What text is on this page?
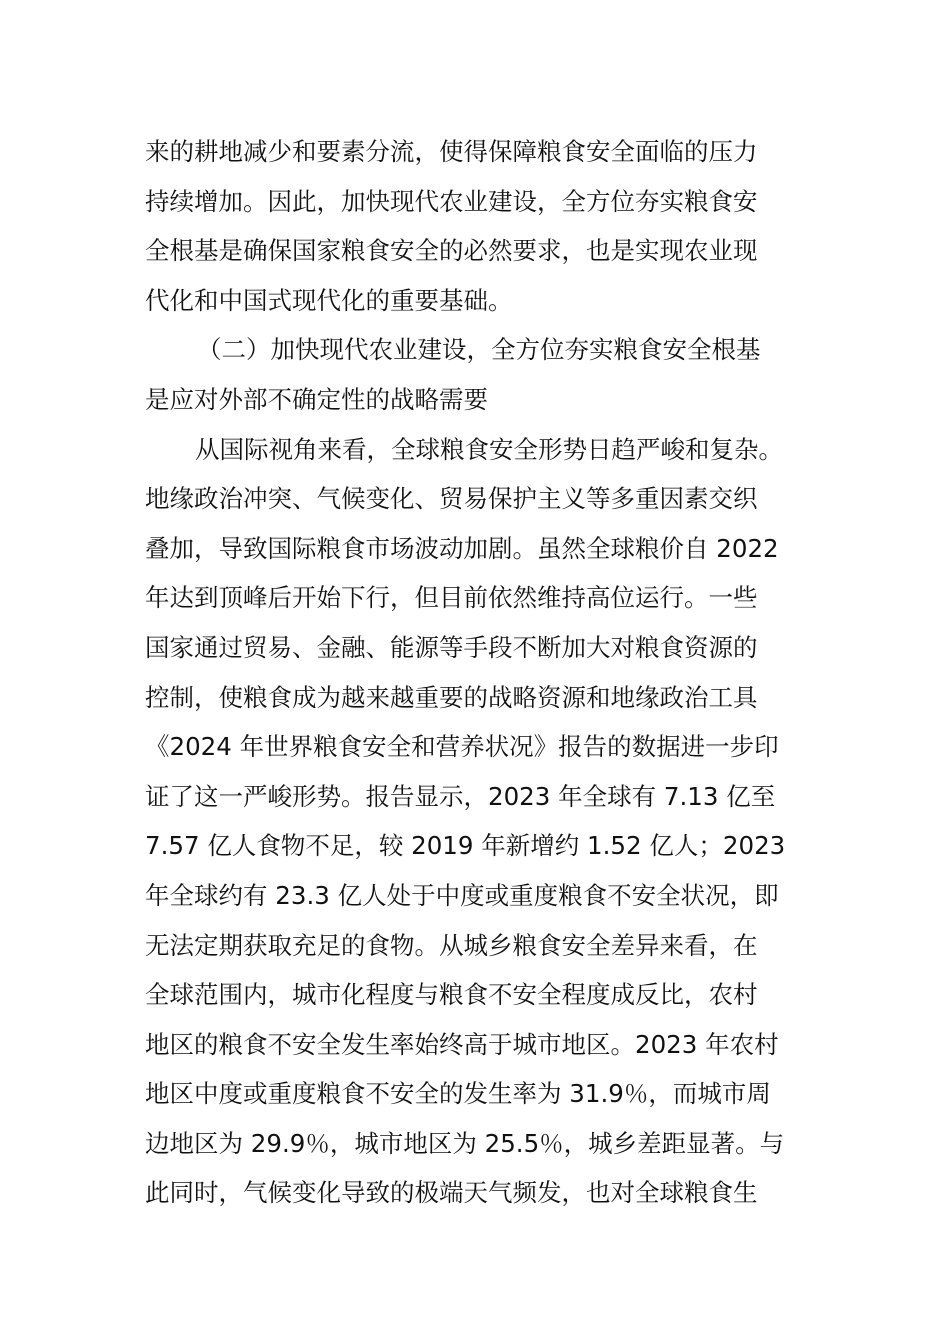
来的耕地减少和要素分流，使得保障粮食安全面临的压力
持续增加。因此，加快现代农业建设，全方位夯实粮食安
全根基是确保国家粮食安全的必然要求，也是实现农业现
代化和中国式现代化的重要基础。
（二）加快现代农业建设，全方位夯实粮食安全根基
是应对外部不确定性的战略需要
从国际视角来看，全球粮食安全形势日趋严峻和复杂。
地缘政治冲突、气候变化、贸易保护主义等多重因素交织
叠加，导致国际粮食市场波动加剧。虽然全球粮价自 2022
年达到顶峰后开始下行，但目前依然维持高位运行。一些
国家通过贸易、金融、能源等手段不断加大对粮食资源的
控制，使粮食成为越来越重要的战略资源和地缘政治工具
《2024 年世界粮食安全和营养状况》报告的数据进一步印
证了这一严峻形势。报告显示，2023 年全球有 7.13 亿至
7.57 亿人食物不足，较 2019 年新增约 1.52 亿人；2023
年全球约有 23.3 亿人处于中度或重度粮食不安全状况，即
无法定期获取充足的食物。从城乡粮食安全差异来看，在
全球范围内，城市化程度与粮食不安全程度成反比，农村
地区的粮食不安全发生率始终高于城市地区。2023 年农村
地区中度或重度粮食不安全的发生率为 31.9％，而城市周
边地区为 29.9％，城市地区为 25.5％，城乡差距显著。与
此同时，气候变化导致的极端天气频发，也对全球粮食生
